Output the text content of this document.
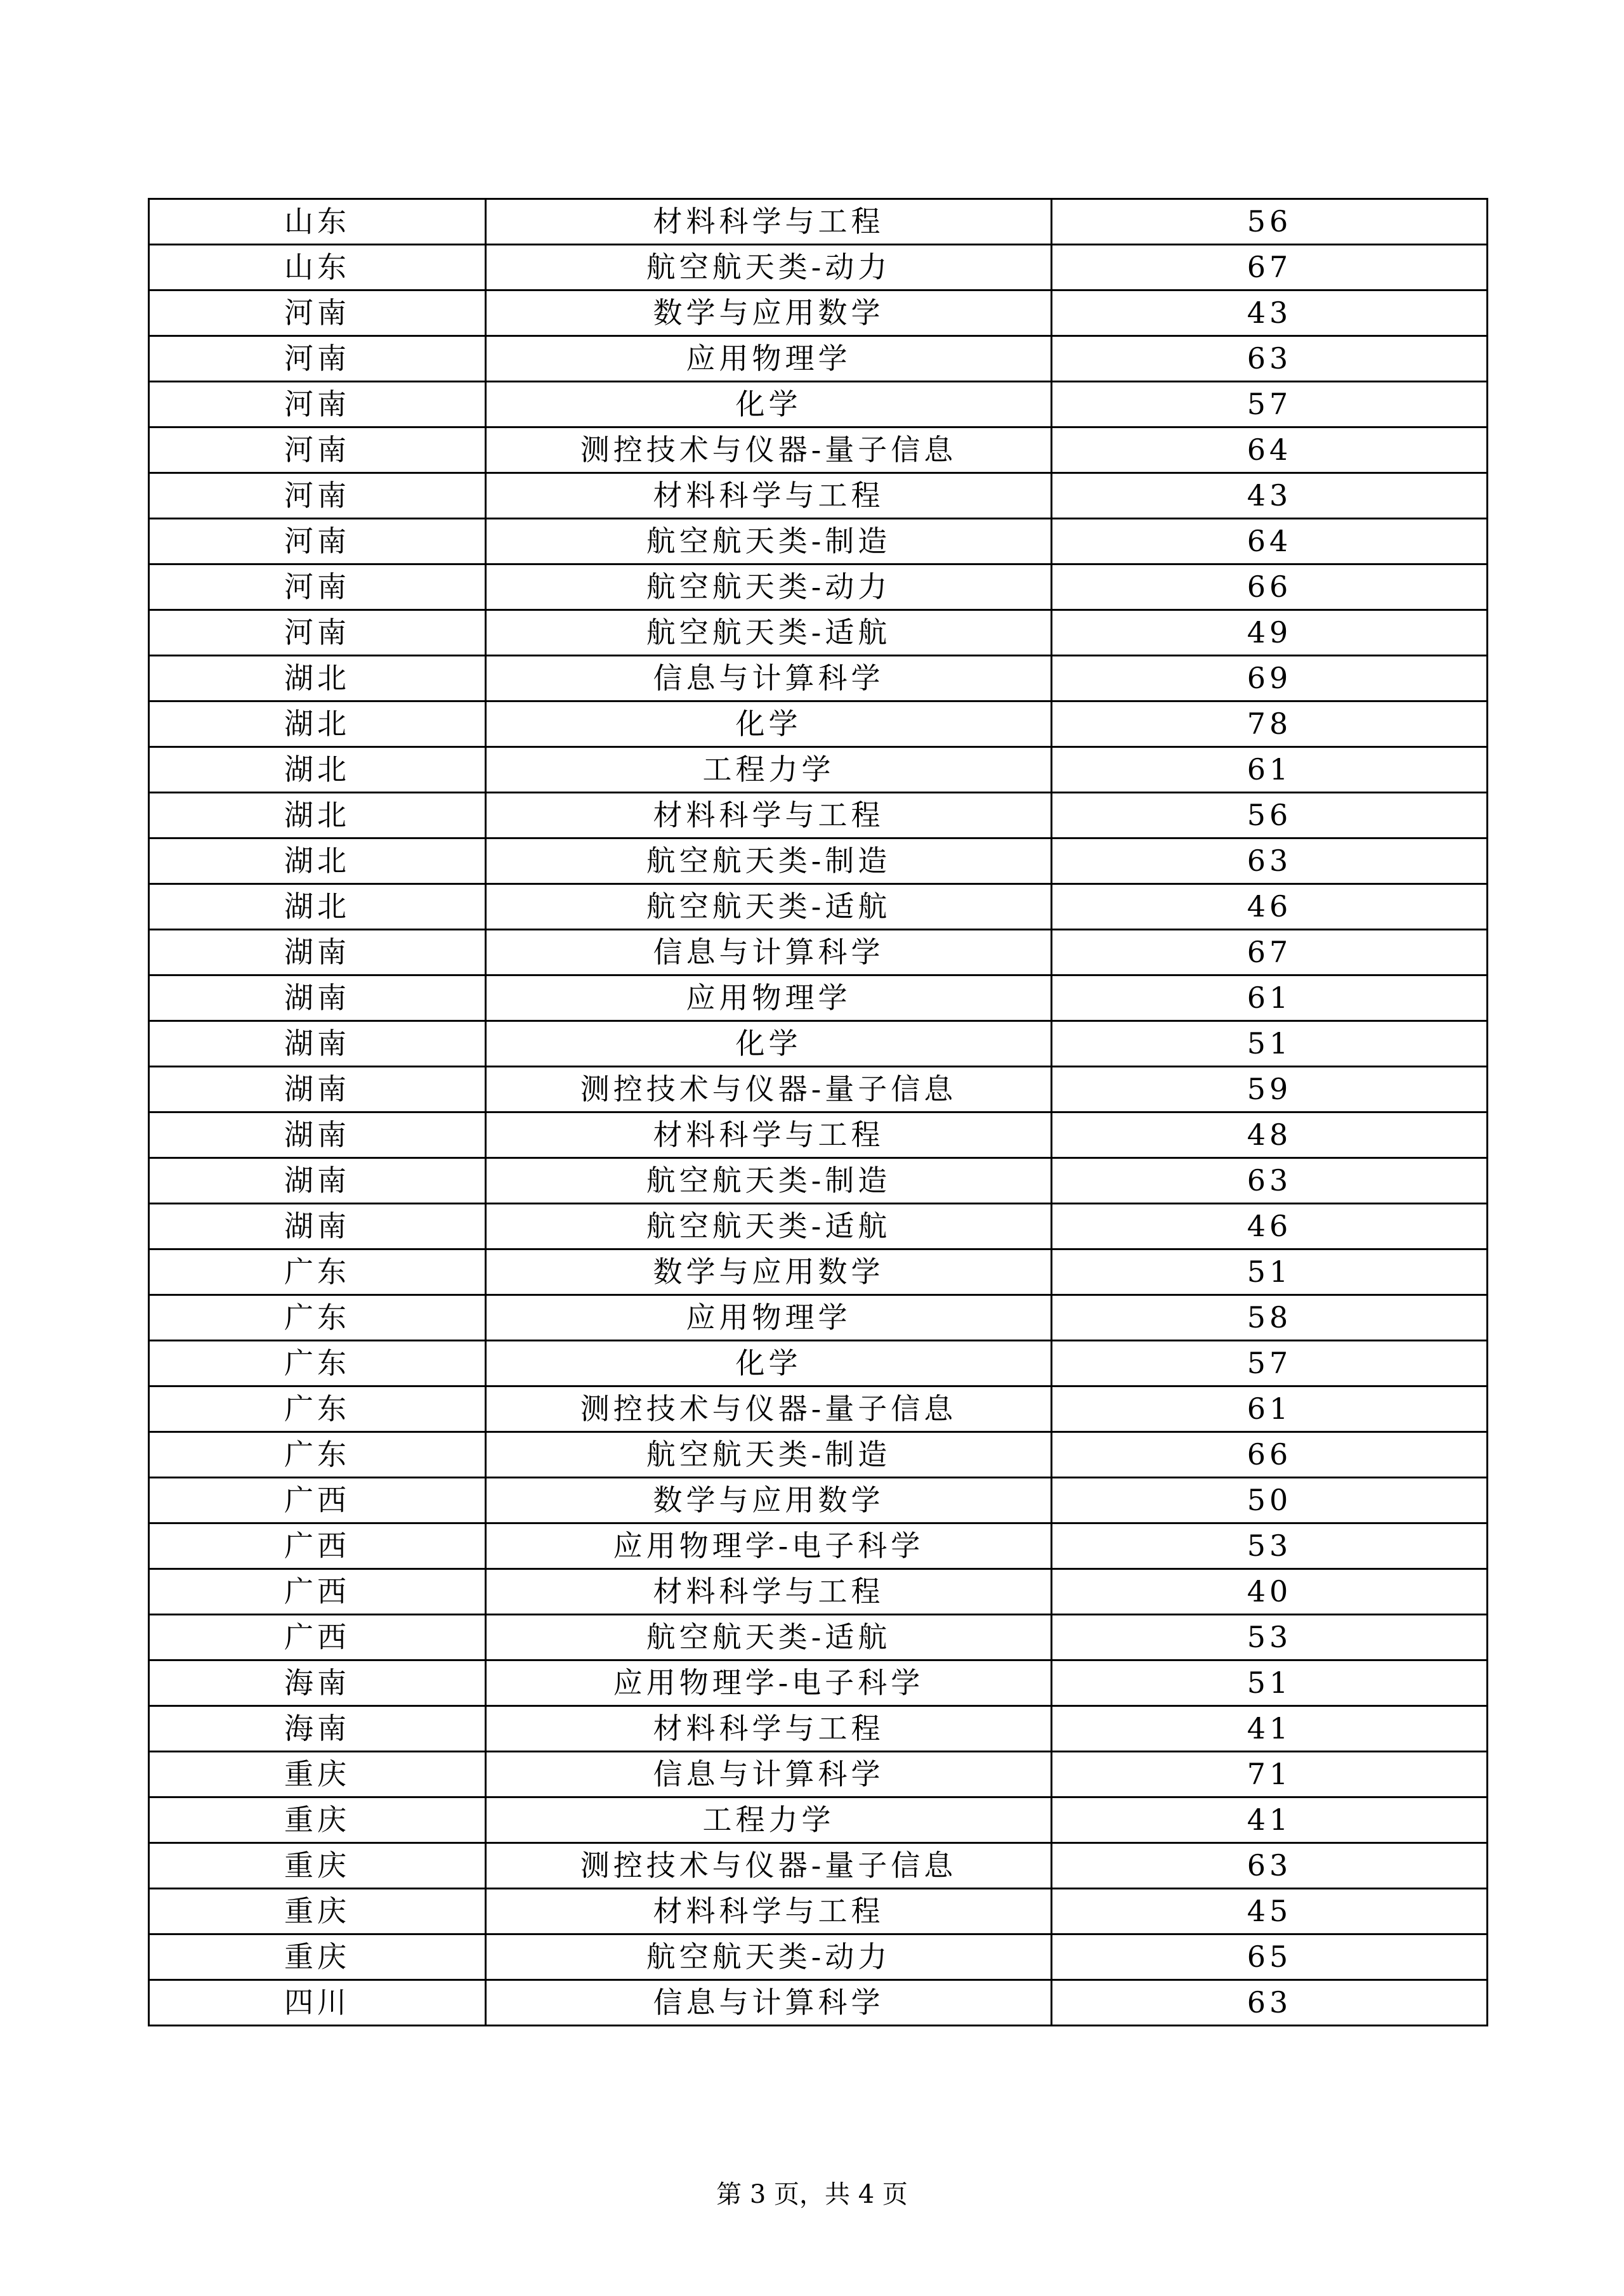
山东	材料科学与工程	56
山东	航空航天类-动力	67
河南	数学与应用数学	43
河南	应用物理学	63
河南	化学	57
河南	测控技术与仪器-量子信息	64
河南	材料科学与工程	43
河南	航空航天类-制造	64
河南	航空航天类-动力	66
河南	航空航天类-适航	49
湖北	信息与计算科学	69
湖北	化学	78
湖北	工程力学	61
湖北	材料科学与工程	56
湖北	航空航天类-制造	63
湖北	航空航天类-适航	46
湖南	信息与计算科学	67
湖南	应用物理学	61
湖南	化学	51
湖南	测控技术与仪器-量子信息	59
湖南	材料科学与工程	48
湖南	航空航天类-制造	63
湖南	航空航天类-适航	46
广东	数学与应用数学	51
广东	应用物理学	58
广东	化学	57
广东	测控技术与仪器-量子信息	61
广东	航空航天类-制造	66
广西	数学与应用数学	50
广西	应用物理学-电子科学	53
广西	材料科学与工程	40
广西	航空航天类-适航	53
海南	应用物理学-电子科学	51
海南	材料科学与工程	41
重庆	信息与计算科学	71
重庆	工程力学	41
重庆	测控技术与仪器-量子信息	63
重庆	材料科学与工程	45
重庆	航空航天类-动力	65
四川	信息与计算科学	63
第 3 页，共 4 页
